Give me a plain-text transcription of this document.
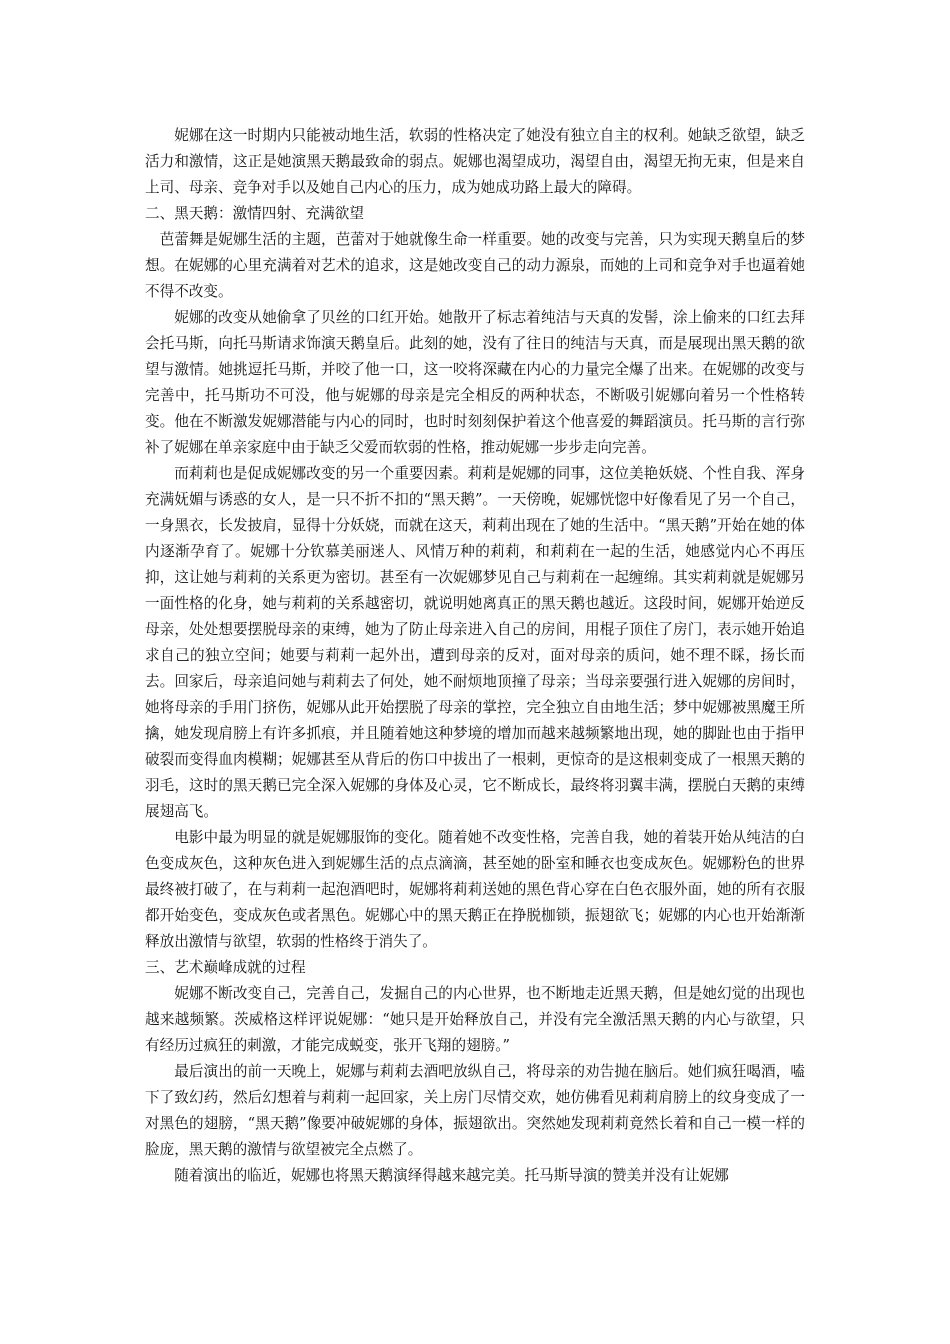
妮娜在这一时期内只能被动地生活，软弱的性格决定了她没有独立自主的权利。她缺乏欲望，缺乏活力和激情，这正是她演黑天鹅最致命的弱点。妮娜也渴望成功，渴望自由，渴望无拘无束，但是来自上司、母亲、竞争对手以及她自己内心的压力，成为她成功路上最大的障碍。

二、黑天鹅：激情四射、充满欲望

芭蕾舞是妮娜生活的主题，芭蕾对于她就像生命一样重要。她的改变与完善，只为实现天鹅皇后的梦想。在妮娜的心里充满着对艺术的追求，这是她改变自己的动力源泉，而她的上司和竞争对手也逼着她不得不改变。

妮娜的改变从她偷拿了贝丝的口红开始。她散开了标志着纯洁与天真的发髻，涂上偷来的口红去拜会托马斯，向托马斯请求饰演天鹅皇后。此刻的她，没有了往日的纯洁与天真，而是展现出黑天鹅的欲望与激情。她挑逗托马斯，并咬了他一口，这一咬将深藏在内心的力量完全爆了出来。在妮娜的改变与完善中，托马斯功不可没，他与妮娜的母亲是完全相反的两种状态，不断吸引妮娜向着另一个性格转变。他在不断激发妮娜潜能与内心的同时，也时时刻刻保护着这个他喜爱的舞蹈演员。托马斯的言行弥补了妮娜在单亲家庭中由于缺乏父爱而软弱的性格，推动妮娜一步步走向完善。

而莉莉也是促成妮娜改变的另一个重要因素。莉莉是妮娜的同事，这位美艳妖娆、个性自我、浑身充满妩媚与诱惑的女人，是一只不折不扣的“黑天鹅”。一天傍晚，妮娜恍惚中好像看见了另一个自己，一身黑衣，长发披肩，显得十分妖娆，而就在这天，莉莉出现在了她的生活中。“黑天鹅”开始在她的体内逐渐孕育了。妮娜十分钦慕美丽迷人、风情万种的莉莉，和莉莉在一起的生活，她感觉内心不再压抑，这让她与莉莉的关系更为密切。甚至有一次妮娜梦见自己与莉莉在一起缠绵。其实莉莉就是妮娜另一面性格的化身，她与莉莉的关系越密切，就说明她离真正的黑天鹅也越近。这段时间，妮娜开始逆反母亲，处处想要摆脱母亲的束缚，她为了防止母亲进入自己的房间，用棍子顶住了房门，表示她开始追求自己的独立空间；她要与莉莉一起外出，遭到母亲的反对，面对母亲的质问，她不理不睬，扬长而去。回家后，母亲追问她与莉莉去了何处，她不耐烦地顶撞了母亲；当母亲要强行进入妮娜的房间时，她将母亲的手用门挤伤，妮娜从此开始摆脱了母亲的掌控，完全独立自由地生活；梦中妮娜被黑魔王所擒，她发现肩膀上有许多抓痕，并且随着她这种梦境的增加而越来越频繁地出现，她的脚趾也由于指甲破裂而变得血肉模糊；妮娜甚至从背后的伤口中拔出了一根刺，更惊奇的是这根刺变成了一根黑天鹅的羽毛，这时的黑天鹅已完全深入妮娜的身体及心灵，它不断成长，最终将羽翼丰满，摆脱白天鹅的束缚展翅高飞。

电影中最为明显的就是妮娜服饰的变化。随着她不改变性格，完善自我，她的着装开始从纯洁的白色变成灰色，这种灰色进入到妮娜生活的点点滴滴，甚至她的卧室和睡衣也变成灰色。妮娜粉色的世界最终被打破了，在与莉莉一起泡酒吧时，妮娜将莉莉送她的黑色背心穿在白色衣服外面，她的所有衣服都开始变色，变成灰色或者黑色。妮娜心中的黑天鹅正在挣脱枷锁，振翅欲飞；妮娜的内心也开始渐渐释放出激情与欲望，软弱的性格终于消失了。

三、艺术巅峰成就的过程

妮娜不断改变自己，完善自己，发掘自己的内心世界，也不断地走近黑天鹅，但是她幻觉的出现也越来越频繁。茨威格这样评说妮娜：“她只是开始释放自己，并没有完全激活黑天鹅的内心与欲望，只有经历过疯狂的刺激，才能完成蜕变，张开飞翔的翅膀。”

最后演出的前一天晚上，妮娜与莉莉去酒吧放纵自己，将母亲的劝告抛在脑后。她们疯狂喝酒，嗑下了致幻药，然后幻想着与莉莉一起回家，关上房门尽情交欢，她仿佛看见莉莉肩膀上的纹身变成了一对黑色的翅膀，“黑天鹅”像要冲破妮娜的身体，振翅欲出。突然她发现莉莉竟然长着和自己一模一样的脸庞，黑天鹅的激情与欲望被完全点燃了。

随着演出的临近，妮娜也将黑天鹅演绎得越来越完美。托马斯导演的赞美并没有让妮娜
